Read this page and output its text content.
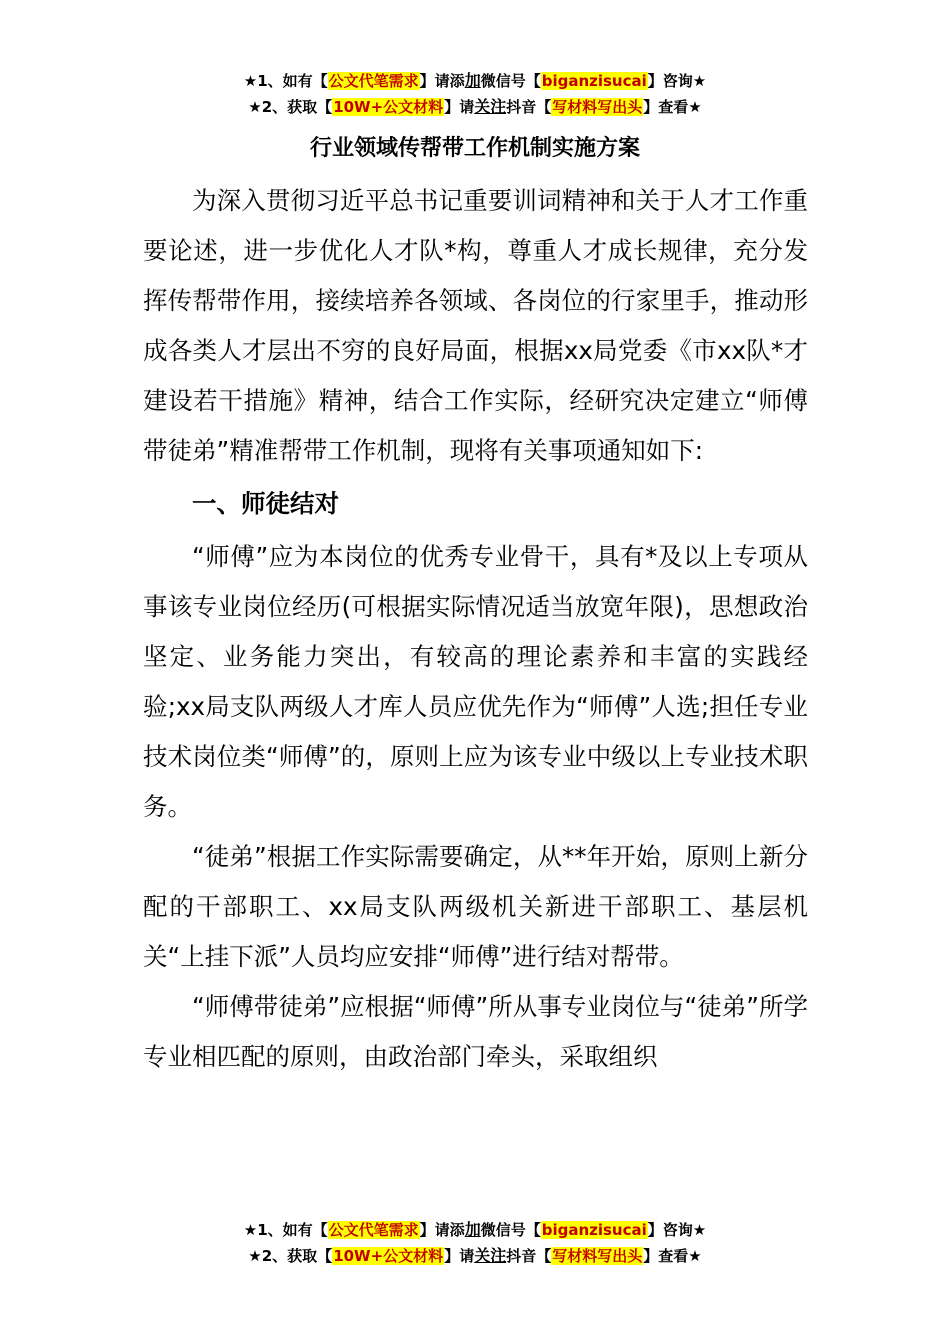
★1、如有【公文代笔需求】请添加微信号【biganzisucai】咨询★
★2、获取【10W+公文材料】请关注抖音【写材料写出头】查看★
行业领域传帮带工作机制实施方案

为深入贯彻习近平总书记重要训词精神和关于人才工作重要论述，进一步优化人才队*构，尊重人才成长规律，充分发挥传帮带作用，接续培养各领域、各岗位的行家里手，推动形成各类人才层出不穷的良好局面，根据xx局党委《市xx队*才建设若干措施》精神，结合工作实际，经研究决定建立“师傅带徒弟”精准帮带工作机制，现将有关事项通知如下:

一、师徒结对

“师傅”应为本岗位的优秀专业骨干，具有*及以上专项从事该专业岗位经历(可根据实际情况适当放宽年限)，思想政治坚定、业务能力突出，有较高的理论素养和丰富的实践经验;xx局支队两级人才库人员应优先作为“师傅”人选;担任专业技术岗位类“师傅”的，原则上应为该专业中级以上专业技术职务。

“徒弟”根据工作实际需要确定，从**年开始，原则上新分配的干部职工、xx局支队两级机关新进干部职工、基层机关“上挂下派”人员均应安排“师傅”进行结对帮带。

“师傅带徒弟”应根据“师傅”所从事专业岗位与“徒弟”所学专业相匹配的原则，由政治部门牵头，采取组织

★1、如有【公文代笔需求】请添加微信号【biganzisucai】咨询★
★2、获取【10W+公文材料】请关注抖音【写材料写出头】查看★
